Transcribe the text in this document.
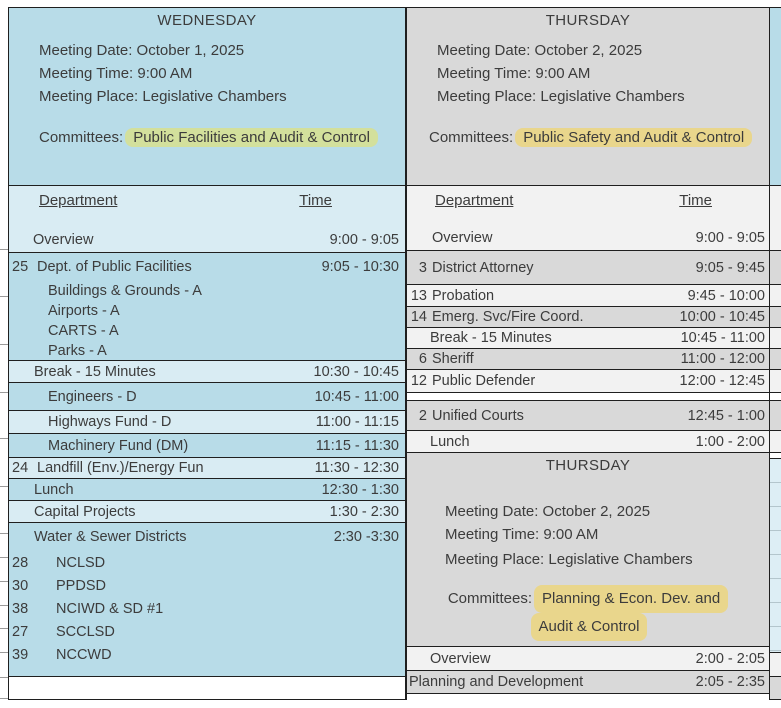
WEDNESDAY
Meeting Date: October 1, 2025
Meeting Time: 9:00 AM
Meeting Place: Legislative Chambers
Committees: Public Facilities and Audit & Control
Department	Time
Overview	9:00 - 9:05
25 Dept. of Public Facilities	9:05 - 10:30
Buildings & Grounds - A
Airports - A
CARTS - A
Parks - A
Break - 15 Minutes	10:30 - 10:45
Engineers - D	10:45 - 11:00
Highways Fund - D	11:00 - 11:15
Machinery Fund (DM)	11:15 - 11:30
24 Landfill (Env.)/Energy Fun	11:30 - 12:30
Lunch	12:30 - 1:30
Capital Projects	1:30 - 2:30
Water & Sewer Districts	2:30 -3:30
28	NCLSD
30	PPDSD
38	NCIWD & SD #1
27	SCCLSD
39	NCCWD
THURSDAY
Meeting Date: October 2, 2025
Meeting Time: 9:00 AM
Meeting Place: Legislative Chambers
Committees: Public Safety and Audit & Control
Department	Time
Overview	9:00 - 9:05
3 District Attorney	9:05 - 9:45
13 Probation	9:45 - 10:00
14 Emerg. Svc/Fire Coord.	10:00 - 10:45
Break - 15 Minutes	10:45 - 11:00
6 Sheriff	11:00 - 12:00
12 Public Defender	12:00 - 12:45
2 Unified Courts	12:45 - 1:00
Lunch	1:00 - 2:00
THURSDAY
Meeting Date: October 2, 2025
Meeting Time: 9:00 AM
Meeting Place: Legislative Chambers
Committees: Planning & Econ. Dev. and
Audit & Control
Overview	2:00 - 2:05
Planning and Development	2:05 - 2:35
